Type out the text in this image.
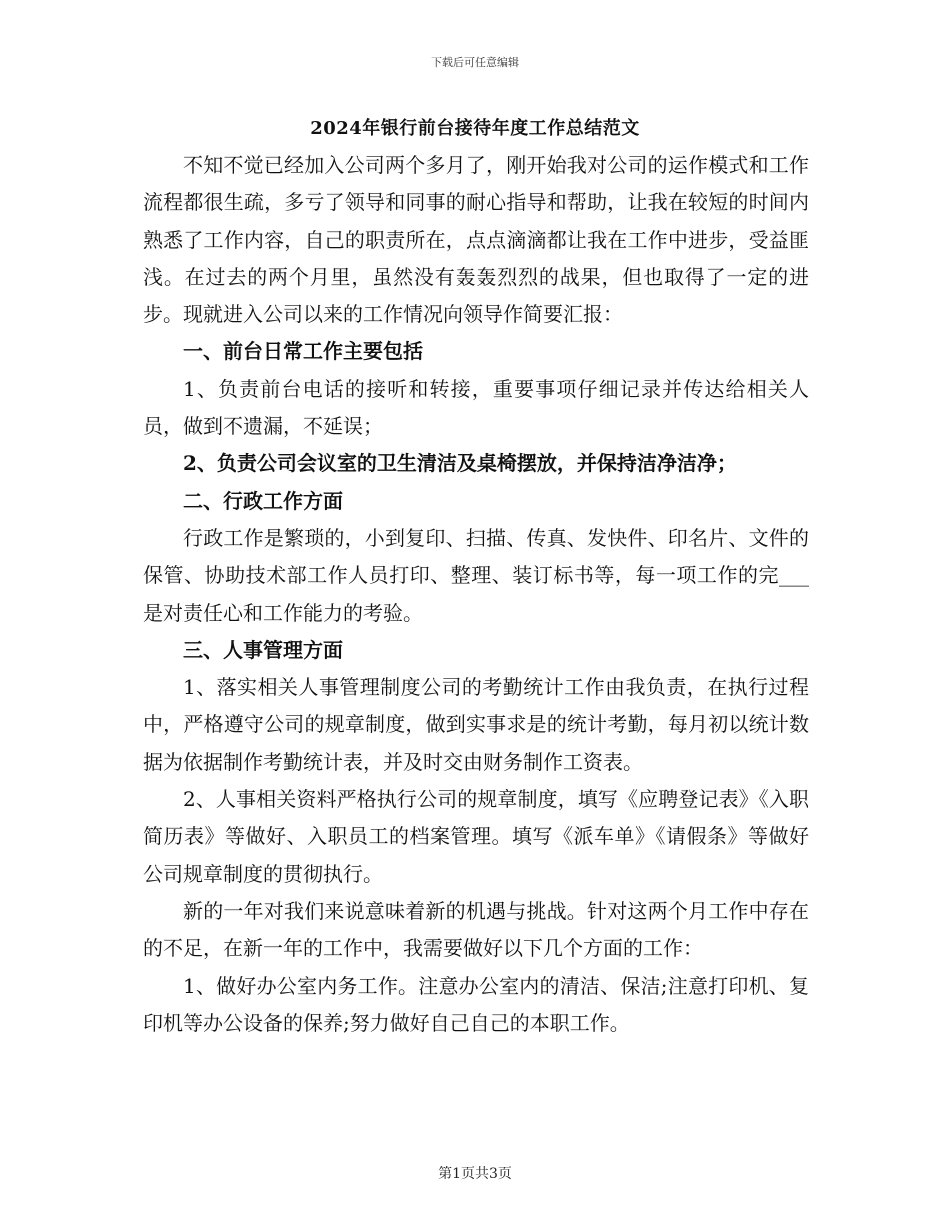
下载后可任意编辑
2024年银行前台接待年度工作总结范文

不知不觉已经加入公司两个多月了，刚开始我对公司的运作模式和工作流程都很生疏，多亏了领导和同事的耐心指导和帮助，让我在较短的时间内熟悉了工作内容，自己的职责所在，点点滴滴都让我在工作中进步，受益匪浅。在过去的两个月里，虽然没有轰轰烈烈的战果，但也取得了一定的进步。现就进入公司以来的工作情况向领导作简要汇报：

一、前台日常工作主要包括

1、负责前台电话的接听和转接，重要事项仔细记录并传达给相关人员，做到不遗漏，不延误；

2、负责公司会议室的卫生清洁及桌椅摆放，并保持洁净洁净；

二、行政工作方面

行政工作是繁琐的，小到复印、扫描、传真、发快件、印名片、文件的保管、协助技术部工作人员打印、整理、装订标书等，每一项工作的完___是对责任心和工作能力的考验。

三、人事管理方面

1、落实相关人事管理制度公司的考勤统计工作由我负责，在执行过程中，严格遵守公司的规章制度，做到实事求是的统计考勤，每月初以统计数据为依据制作考勤统计表，并及时交由财务制作工资表。

2、人事相关资料严格执行公司的规章制度，填写《应聘登记表》《入职简历表》等做好、入职员工的档案管理。填写《派车单》《请假条》等做好公司规章制度的贯彻执行。

新的一年对我们来说意味着新的机遇与挑战。针对这两个月工作中存在的不足，在新一年的工作中，我需要做好以下几个方面的工作：

1、做好办公室内务工作。注意办公室内的清洁、保洁;注意打印机、复印机等办公设备的保养;努力做好自己自己的本职工作。

第1页共3页
